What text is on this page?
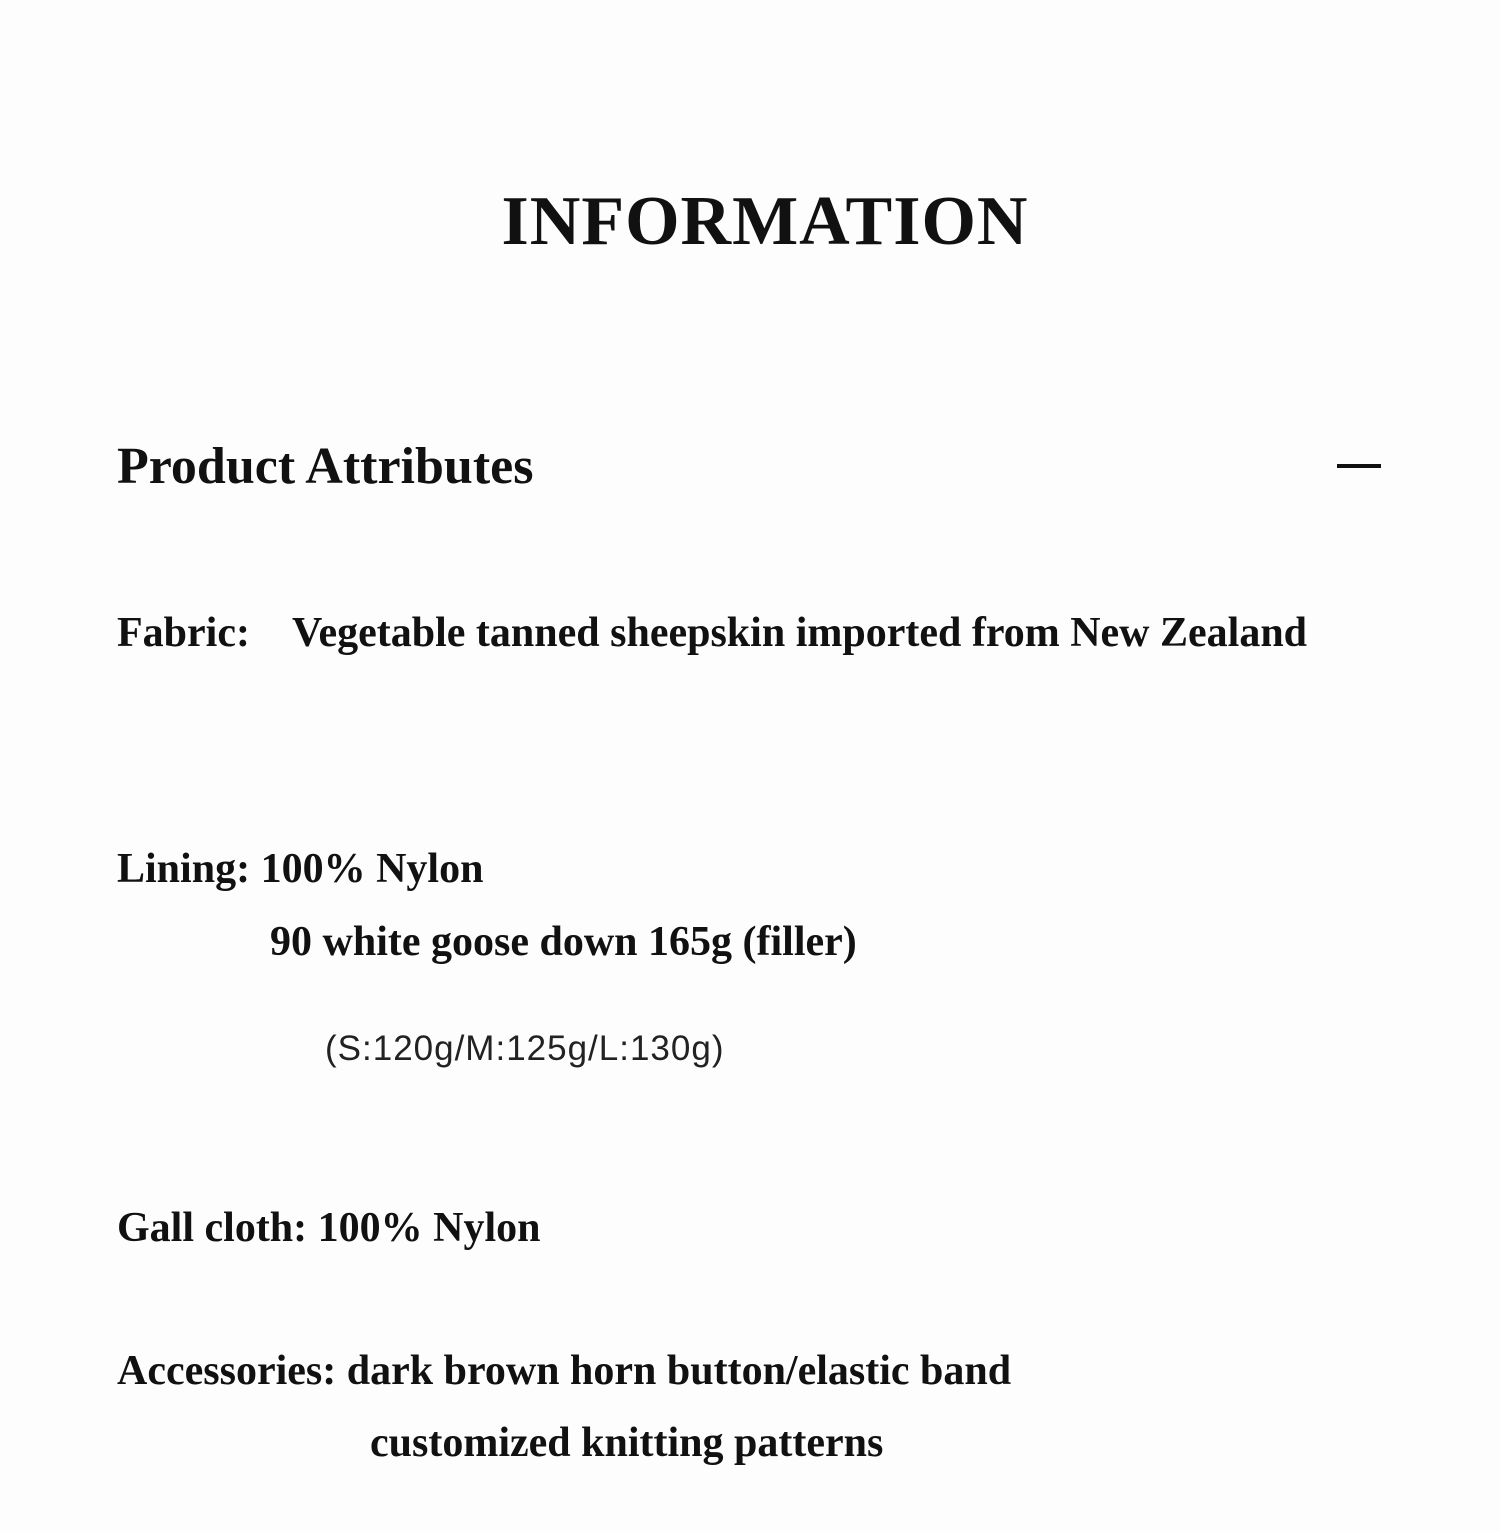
INFORMATION
Product Attributes
Fabric: Vegetable tanned sheepskin imported from New Zealand
Lining: 100% Nylon
90 white goose down 165g (filler)
(S:120g/M:125g/L:130g)
Gall cloth: 100% Nylon
Accessories: dark brown horn button/elastic band
customized knitting patterns
